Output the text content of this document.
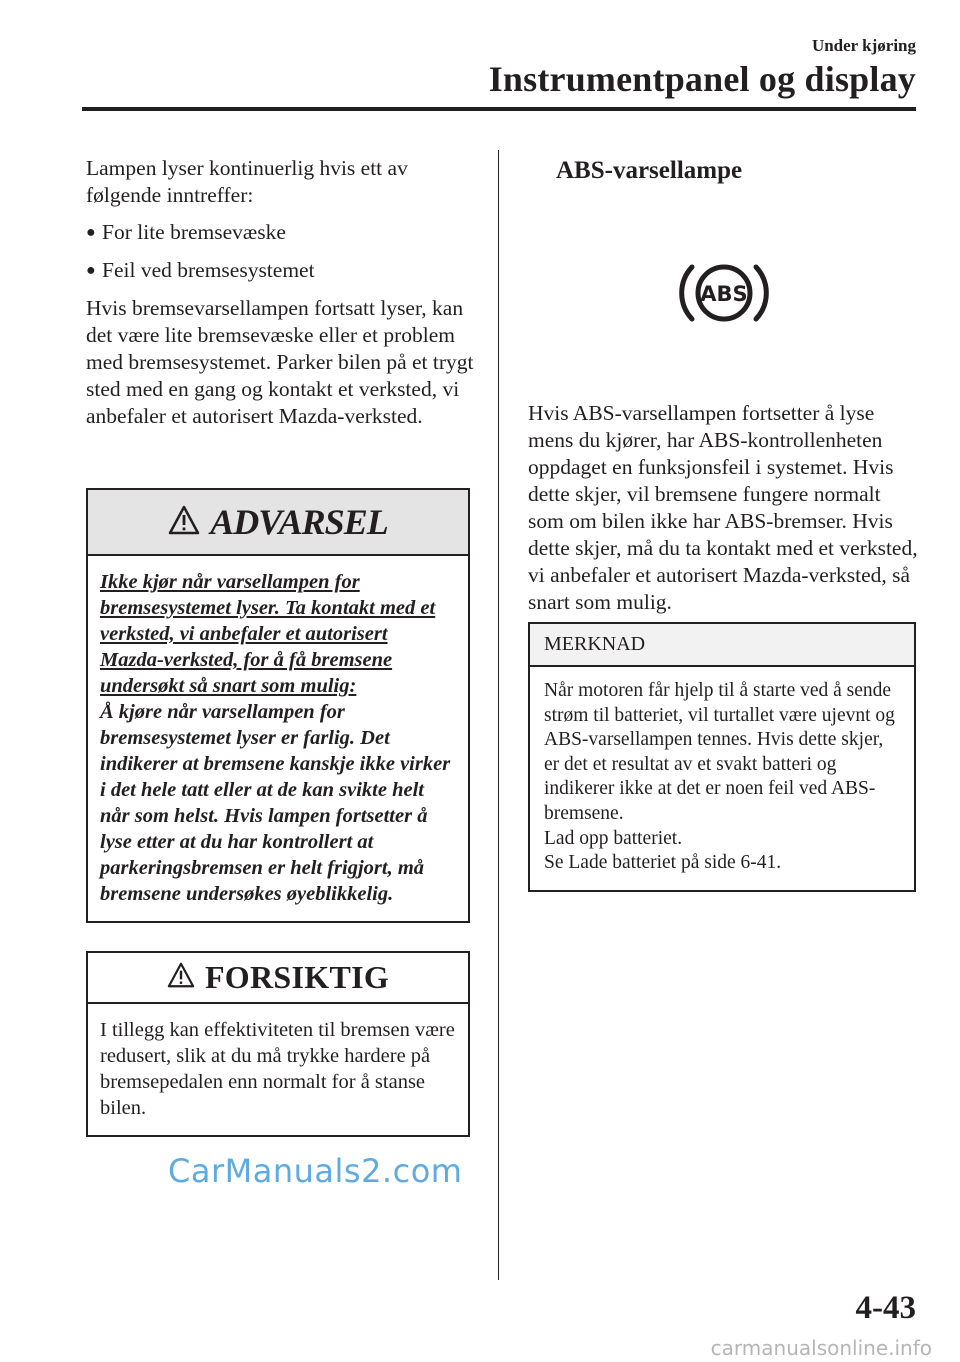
Under kjøring
Instrumentpanel og display

Lampen lyser kontinuerlig hvis ett av følgende inntreffer:

● For lite bremsevæske
● Feil ved bremsesystemet

Hvis bremsevarsellampen fortsatt lyser, kan det være lite bremsevæske eller et problem med bremsesystemet. Parker bilen på et trygt sted med en gang og kontakt et verksted, vi anbefaler et autorisert Mazda-verksted.

ADVARSEL

Ikke kjør når varsellampen for bremsesystemet lyser. Ta kontakt med et verksted, vi anbefaler et autorisert Mazda-verksted, for å få bremsene undersøkt så snart som mulig:

Å kjøre når varsellampen for bremsesystemet lyser er farlig. Det indikerer at bremsene kanskje ikke virker i det hele tatt eller at de kan svikte helt når som helst. Hvis lampen fortsetter å lyse etter at du har kontrollert at parkeringsbremsen er helt frigjort, må bremsene undersøkes øyeblikkelig.

FORSIKTIG

I tillegg kan effektiviteten til bremsen være redusert, slik at du må trykke hardere på bremsepedalen enn normalt for å stanse bilen.

ABS-varsellampe
ABS

Hvis ABS-varsellampen fortsetter å lyse mens du kjører, har ABS-kontrollenheten oppdaget en funksjonsfeil i systemet. Hvis dette skjer, vil bremsene fungere normalt som om bilen ikke har ABS-bremser. Hvis dette skjer, må du ta kontakt med et verksted, vi anbefaler et autorisert Mazda-verksted, så snart som mulig.

MERKNAD

Når motoren får hjelp til å starte ved å sende strøm til batteriet, vil turtallet være ujevnt og ABS-varsellampen tennes. Hvis dette skjer, er det et resultat av et svakt batteri og indikerer ikke at det er noen feil ved ABS-bremsene.

Lad opp batteriet.

Se Lade batteriet på side 6-41.

CarManuals2.com
4-43
carmanualsonline.info
